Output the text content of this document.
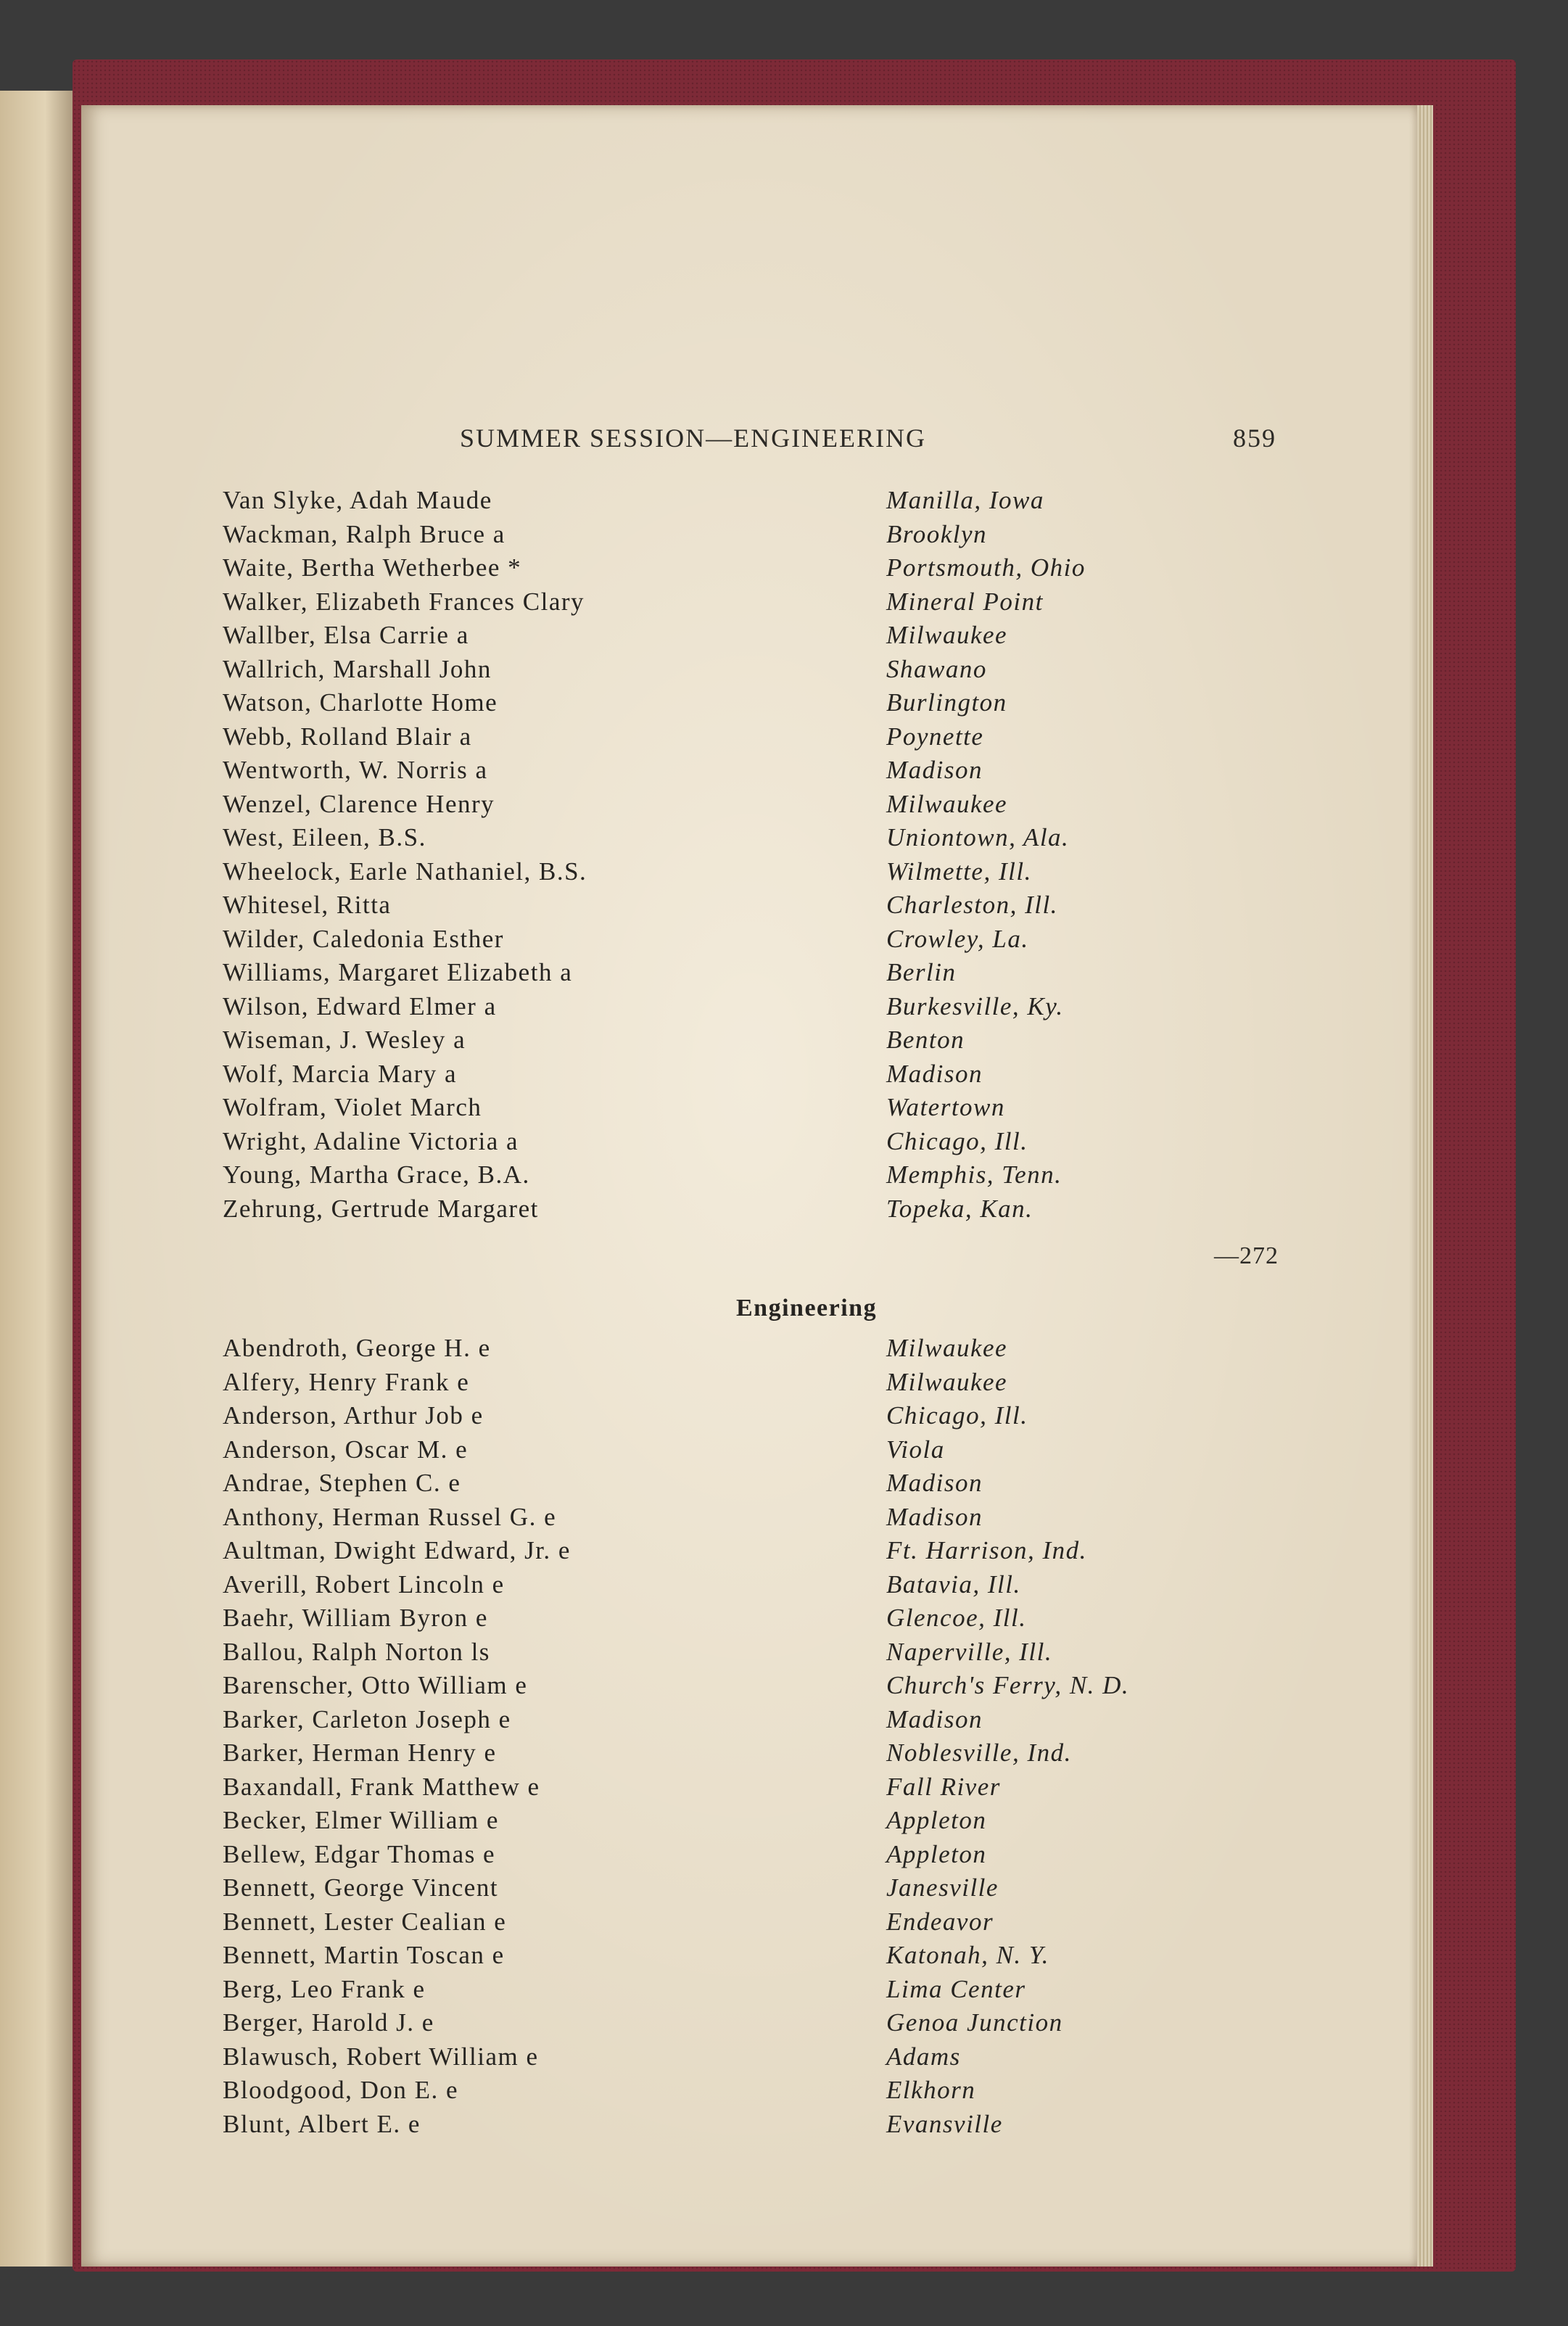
SUMMER SESSION—ENGINEERING	859
Van Slyke, Adah Maude	Manilla, Iowa
Wackman, Ralph Bruce a	Brooklyn
Waite, Bertha Wetherbee *	Portsmouth, Ohio
Walker, Elizabeth Frances Clary	Mineral Point
Wallber, Elsa Carrie a	Milwaukee
Wallrich, Marshall John	Shawano
Watson, Charlotte Home	Burlington
Webb, Rolland Blair a	Poynette
Wentworth, W. Norris a	Madison
Wenzel, Clarence Henry	Milwaukee
West, Eileen, B.S.	Uniontown, Ala.
Wheelock, Earle Nathaniel, B.S.	Wilmette, Ill.
Whitesel, Ritta	Charleston, Ill.
Wilder, Caledonia Esther	Crowley, La.
Williams, Margaret Elizabeth a	Berlin
Wilson, Edward Elmer a	Burkesville, Ky.
Wiseman, J. Wesley a	Benton
Wolf, Marcia Mary a	Madison
Wolfram, Violet March	Watertown
Wright, Adaline Victoria a	Chicago, Ill.
Young, Martha Grace, B.A.	Memphis, Tenn.
Zehrung, Gertrude Margaret	Topeka, Kan.
—272
Engineering
Abendroth, George H. e	Milwaukee
Alfery, Henry Frank e	Milwaukee
Anderson, Arthur Job e	Chicago, Ill.
Anderson, Oscar M. e	Viola
Andrae, Stephen C. e	Madison
Anthony, Herman Russel G. e	Madison
Aultman, Dwight Edward, Jr. e	Ft. Harrison, Ind.
Averill, Robert Lincoln e	Batavia, Ill.
Baehr, William Byron e	Glencoe, Ill.
Ballou, Ralph Norton ls	Naperville, Ill.
Barenscher, Otto William e	Church's Ferry, N. D.
Barker, Carleton Joseph e	Madison
Barker, Herman Henry e	Noblesville, Ind.
Baxandall, Frank Matthew e	Fall River
Becker, Elmer William e	Appleton
Bellew, Edgar Thomas e	Appleton
Bennett, George Vincent	Janesville
Bennett, Lester Cealian e	Endeavor
Bennett, Martin Toscan e	Katonah, N. Y.
Berg, Leo Frank e	Lima Center
Berger, Harold J. e	Genoa Junction
Blawusch, Robert William e	Adams
Bloodgood, Don E. e	Elkhorn
Blunt, Albert E. e	Evansville
